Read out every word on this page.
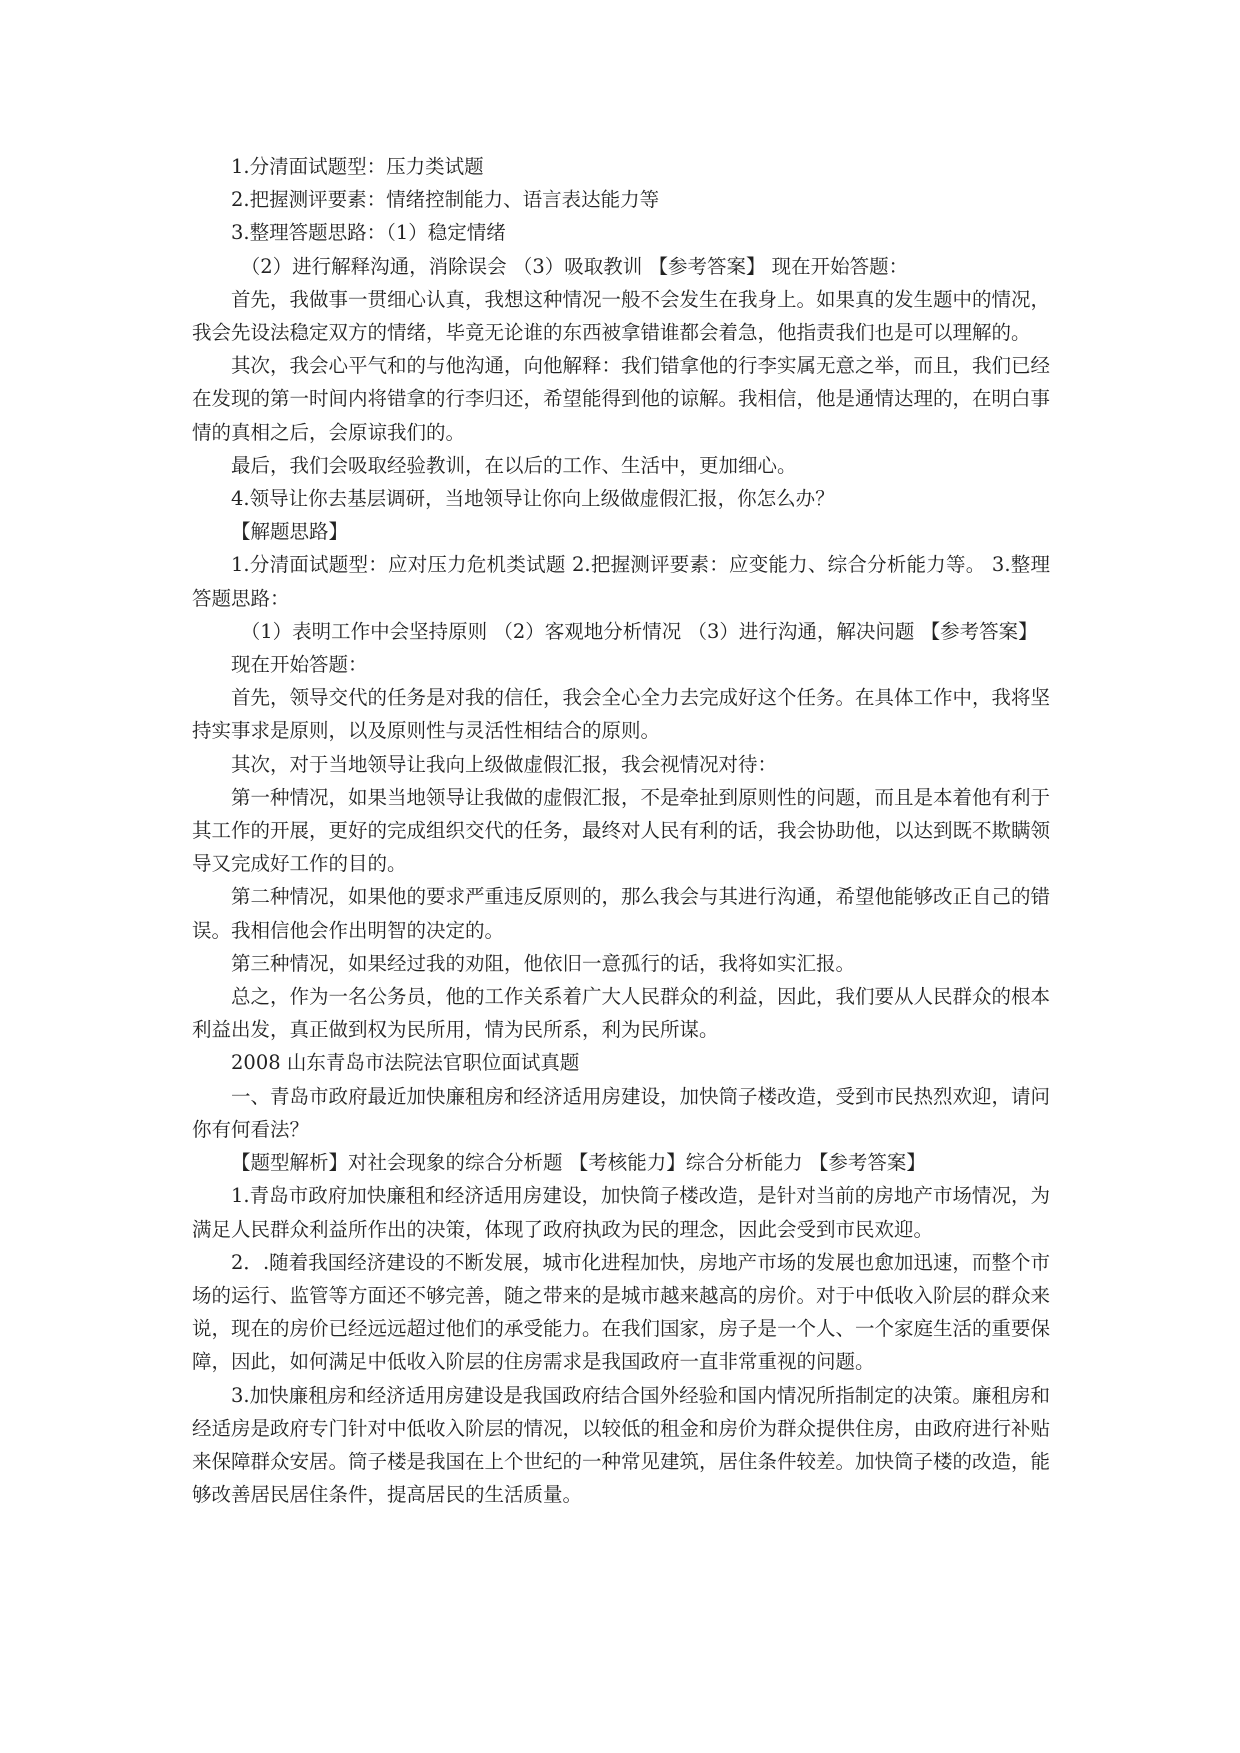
1.分清面试题型：压力类试题

2.把握测评要素：情绪控制能力、语言表达能力等

3.整理答题思路：（1）稳定情绪

（2）进行解释沟通，消除误会 （3）吸取教训 【参考答案】 现在开始答题：

首先，我做事一贯细心认真，我想这种情况一般不会发生在我身上。如果真的发生题中的情况，我会先设法稳定双方的情绪，毕竟无论谁的东西被拿错谁都会着急，他指责我们也是可以理解的。

其次，我会心平气和的与他沟通，向他解释：我们错拿他的行李实属无意之举，而且，我们已经在发现的第一时间内将错拿的行李归还，希望能得到他的谅解。我相信，他是通情达理的，在明白事情的真相之后，会原谅我们的。

最后，我们会吸取经验教训，在以后的工作、生活中，更加细心。

4.领导让你去基层调研，当地领导让你向上级做虚假汇报，你怎么办？

【解题思路】

1.分清面试题型：应对压力危机类试题 2.把握测评要素：应变能力、综合分析能力等。 3.整理答题思路：

（1）表明工作中会坚持原则 （2）客观地分析情况 （3）进行沟通，解决问题 【参考答案】

现在开始答题：

首先，领导交代的任务是对我的信任，我会全心全力去完成好这个任务。在具体工作中，我将坚持实事求是原则，以及原则性与灵活性相结合的原则。

其次，对于当地领导让我向上级做虚假汇报，我会视情况对待：

第一种情况，如果当地领导让我做的虚假汇报，不是牵扯到原则性的问题，而且是本着他有利于其工作的开展，更好的完成组织交代的任务，最终对人民有利的话，我会协助他，以达到既不欺瞒领导又完成好工作的目的。

第二种情况，如果他的要求严重违反原则的，那么我会与其进行沟通，希望他能够改正自己的错误。我相信他会作出明智的决定的。

第三种情况，如果经过我的劝阻，他依旧一意孤行的话，我将如实汇报。

总之，作为一名公务员，他的工作关系着广大人民群众的利益，因此，我们要从人民群众的根本利益出发，真正做到权为民所用，情为民所系，利为民所谋。

2008 山东青岛市法院法官职位面试真题

一、青岛市政府最近加快廉租房和经济适用房建设，加快筒子楼改造，受到市民热烈欢迎，请问你有何看法？

【题型解析】对社会现象的综合分析题 【考核能力】综合分析能力 【参考答案】

1.青岛市政府加快廉租和经济适用房建设，加快筒子楼改造，是针对当前的房地产市场情况，为满足人民群众利益所作出的决策，体现了政府执政为民的理念，因此会受到市民欢迎。

2．.随着我国经济建设的不断发展，城市化进程加快，房地产市场的发展也愈加迅速，而整个市场的运行、监管等方面还不够完善，随之带来的是城市越来越高的房价。对于中低收入阶层的群众来说，现在的房价已经远远超过他们的承受能力。在我们国家，房子是一个人、一个家庭生活的重要保障，因此，如何满足中低收入阶层的住房需求是我国政府一直非常重视的问题。

3.加快廉租房和经济适用房建设是我国政府结合国外经验和国内情况所指制定的决策。廉租房和经适房是政府专门针对中低收入阶层的情况，以较低的租金和房价为群众提供住房，由政府进行补贴来保障群众安居。筒子楼是我国在上个世纪的一种常见建筑，居住条件较差。加快筒子楼的改造，能够改善居民居住条件，提高居民的生活质量。
